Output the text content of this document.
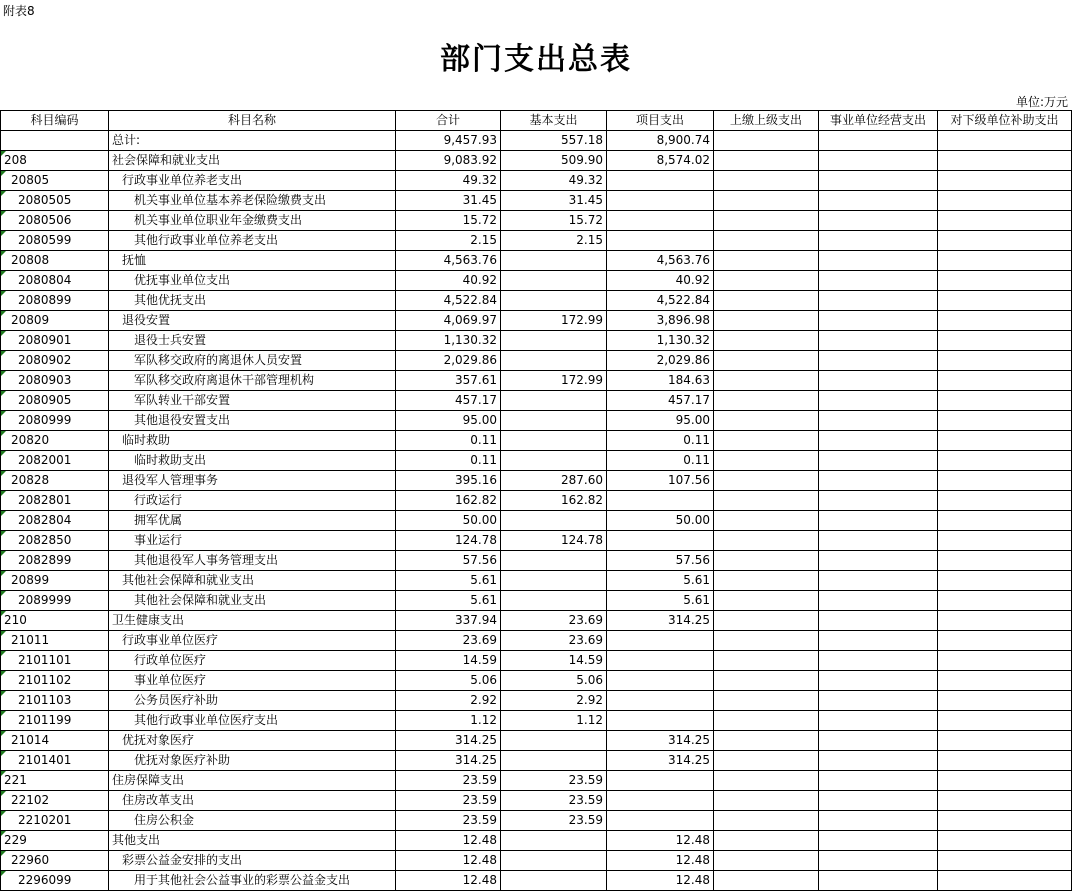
附表8
部门支出总表
单位:万元
科目编码	科目名称	合计	基本支出	项目支出	上缴上级支出	事业单位经营支出	对下级单位补助支出
	总计:	9,457.93	557.18	8,900.74			
208	社会保障和就业支出	9,083.92	509.90	8,574.02			
20805	行政事业单位养老支出	49.32	49.32				
2080505	机关事业单位基本养老保险缴费支出	31.45	31.45				
2080506	机关事业单位职业年金缴费支出	15.72	15.72				
2080599	其他行政事业单位养老支出	2.15	2.15				
20808	抚恤	4,563.76		4,563.76			
2080804	优抚事业单位支出	40.92		40.92			
2080899	其他优抚支出	4,522.84		4,522.84			
20809	退役安置	4,069.97	172.99	3,896.98			
2080901	退役士兵安置	1,130.32		1,130.32			
2080902	军队移交政府的离退休人员安置	2,029.86		2,029.86			
2080903	军队移交政府离退休干部管理机构	357.61	172.99	184.63			
2080905	军队转业干部安置	457.17		457.17			
2080999	其他退役安置支出	95.00		95.00			
20820	临时救助	0.11		0.11			
2082001	临时救助支出	0.11		0.11			
20828	退役军人管理事务	395.16	287.60	107.56			
2082801	行政运行	162.82	162.82				
2082804	拥军优属	50.00		50.00			
2082850	事业运行	124.78	124.78				
2082899	其他退役军人事务管理支出	57.56		57.56			
20899	其他社会保障和就业支出	5.61		5.61			
2089999	其他社会保障和就业支出	5.61		5.61			
210	卫生健康支出	337.94	23.69	314.25			
21011	行政事业单位医疗	23.69	23.69				
2101101	行政单位医疗	14.59	14.59				
2101102	事业单位医疗	5.06	5.06				
2101103	公务员医疗补助	2.92	2.92				
2101199	其他行政事业单位医疗支出	1.12	1.12				
21014	优抚对象医疗	314.25		314.25			
2101401	优抚对象医疗补助	314.25		314.25			
221	住房保障支出	23.59	23.59				
22102	住房改革支出	23.59	23.59				
2210201	住房公积金	23.59	23.59				
229	其他支出	12.48		12.48			
22960	彩票公益金安排的支出	12.48		12.48			
2296099	用于其他社会公益事业的彩票公益金支出	12.48		12.48			
